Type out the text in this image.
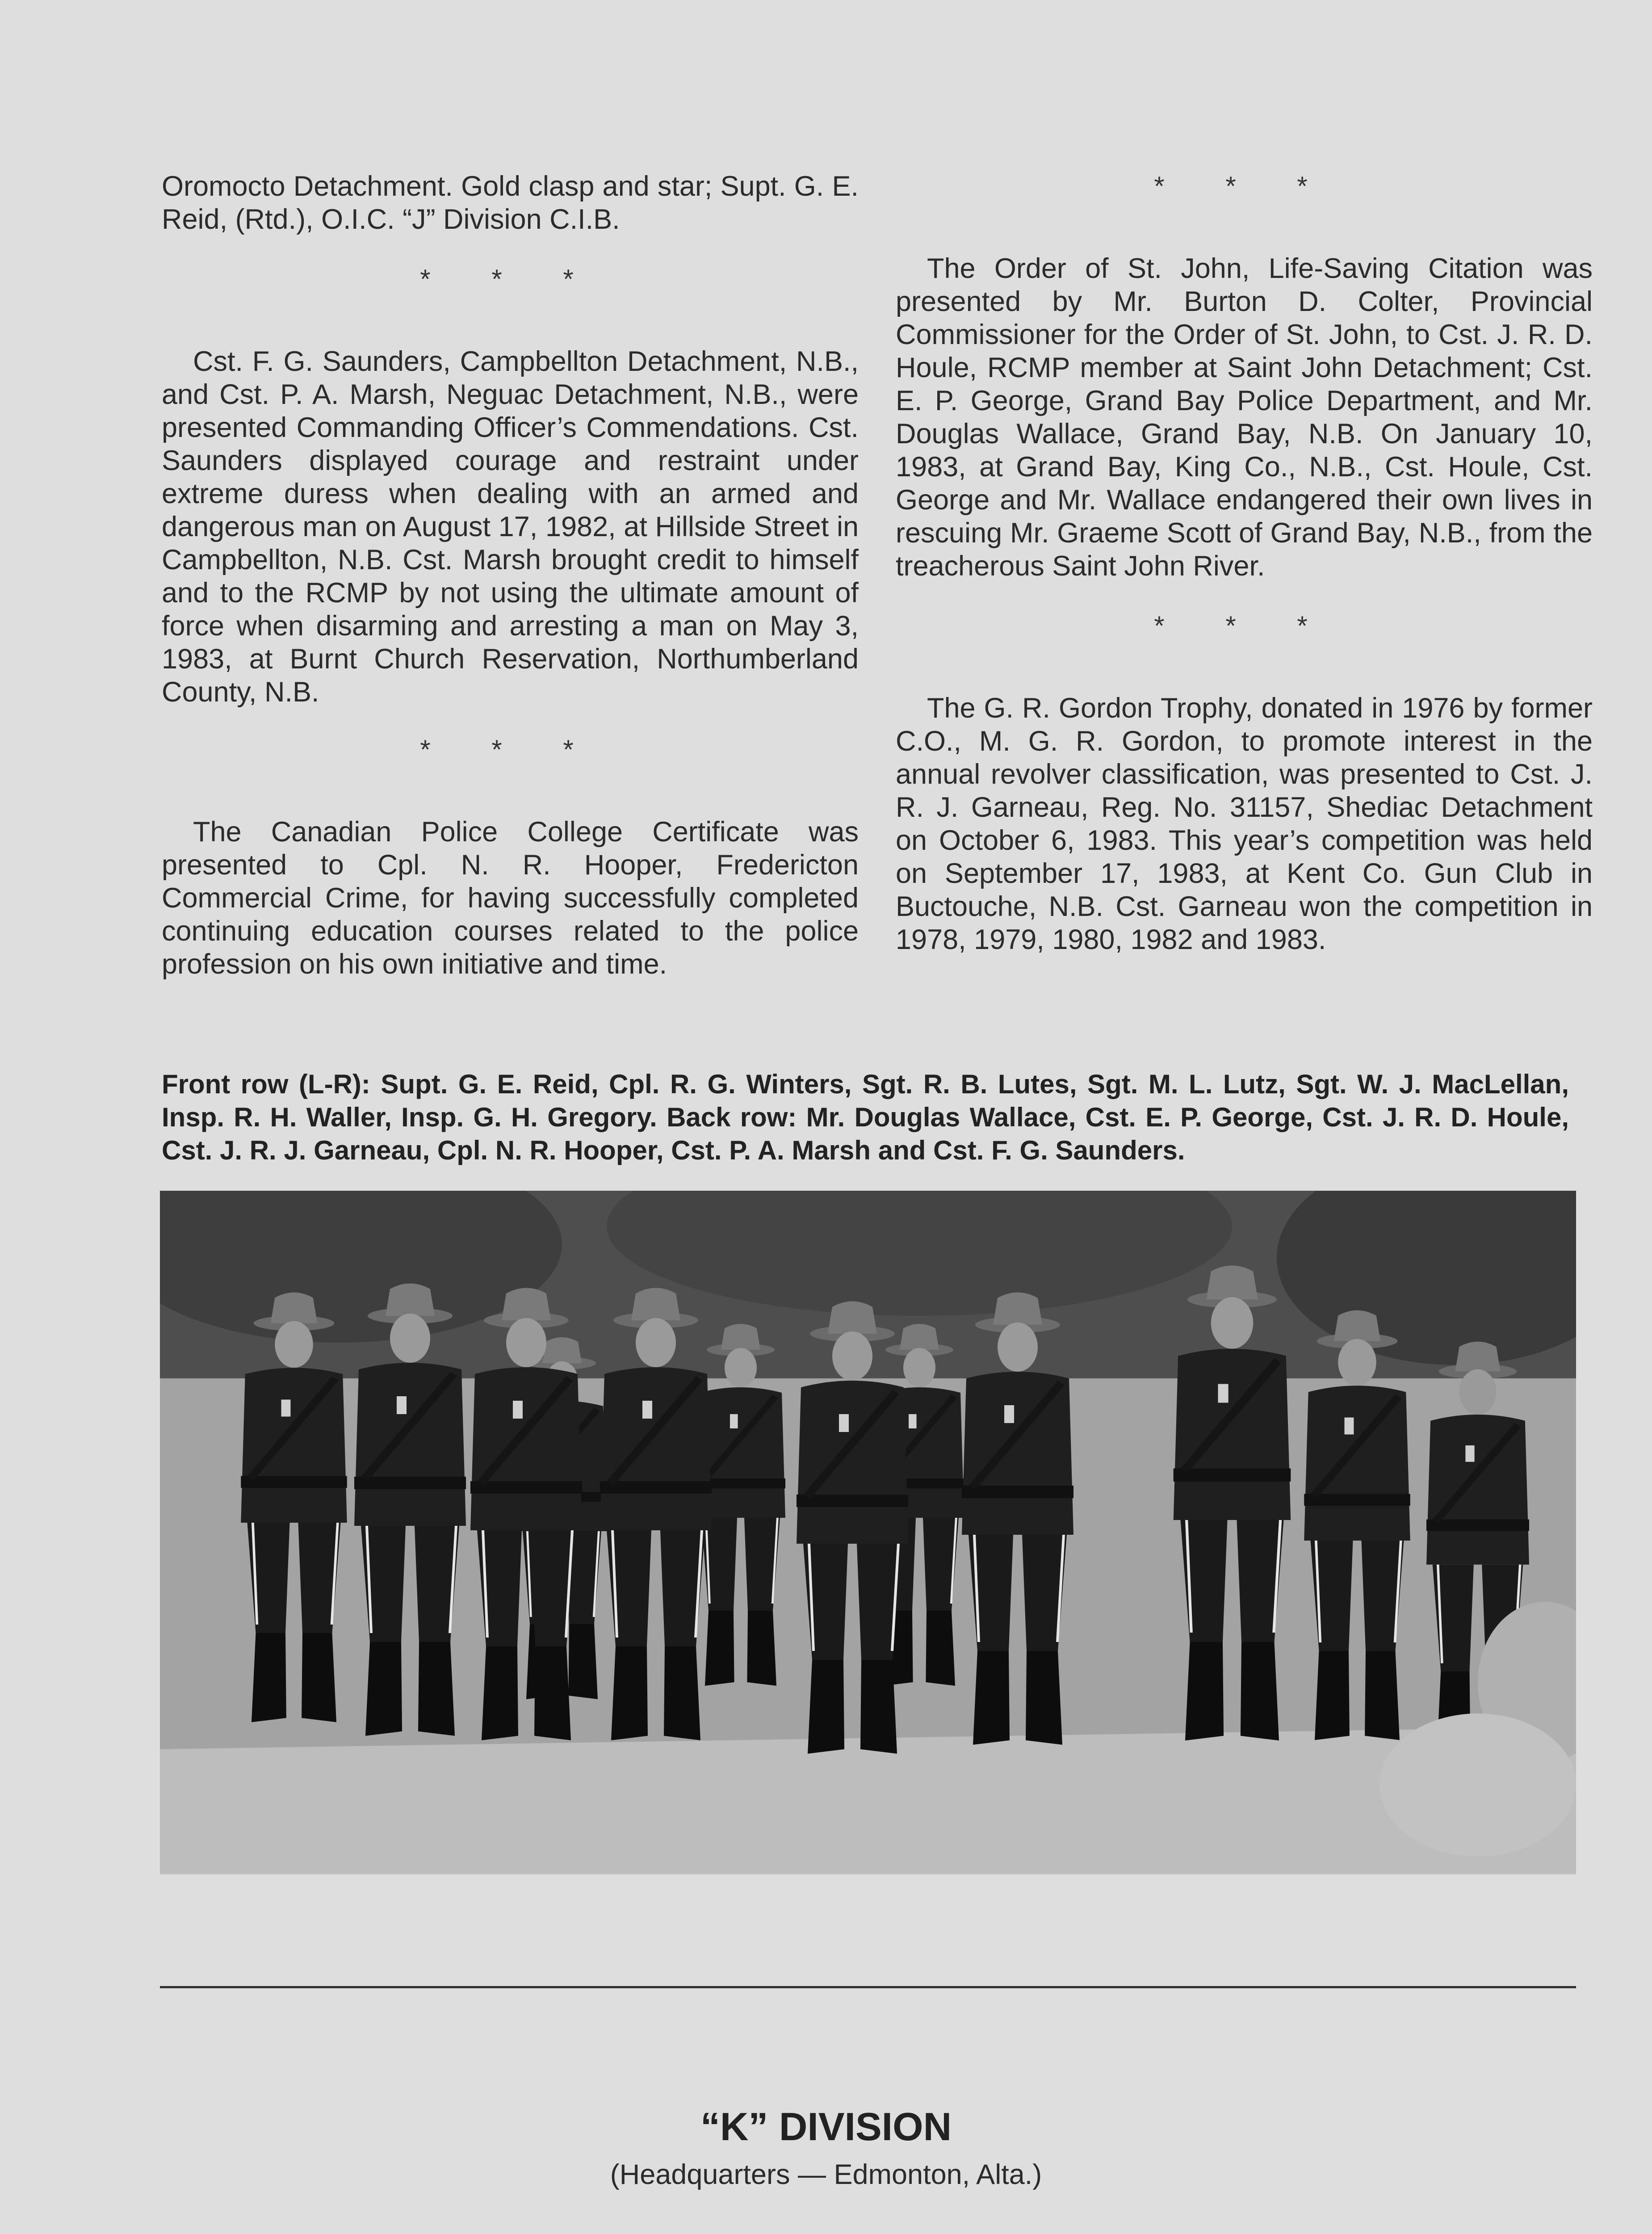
Oromocto Detachment. Gold clasp and star; Supt. G. E. Reid, (Rtd.), O.I.C. “J” Division C.I.B.

* * *

Cst. F. G. Saunders, Campbellton Detachment, N.B., and Cst. P. A. Marsh, Neguac Detachment, N.B., were presented Commanding Officer’s Commendations. Cst. Saunders displayed courage and restraint under extreme duress when dealing with an armed and dangerous man on August 17, 1982, at Hillside Street in Campbellton, N.B. Cst. Marsh brought credit to himself and to the RCMP by not using the ultimate amount of force when disarming and arresting a man on May 3, 1983, at Burnt Church Reservation, Northumberland County, N.B.

* * *

The Canadian Police College Certificate was presented to Cpl. N. R. Hooper, Fredericton Commercial Crime, for having successfully completed continuing education courses related to the police profession on his own initiative and time.

* * *

The Order of St. John, Life-Saving Citation was presented by Mr. Burton D. Colter, Provincial Commissioner for the Order of St. John, to Cst. J. R. D. Houle, RCMP member at Saint John Detachment; Cst. E. P. George, Grand Bay Police Department, and Mr. Douglas Wallace, Grand Bay, N.B. On January 10, 1983, at Grand Bay, King Co., N.B., Cst. Houle, Cst. George and Mr. Wallace endangered their own lives in rescuing Mr. Graeme Scott of Grand Bay, N.B., from the treacherous Saint John River.

* * *

The G. R. Gordon Trophy, donated in 1976 by former C.O., M. G. R. Gordon, to promote interest in the annual revolver classification, was presented to Cst. J. R. J. Garneau, Reg. No. 31157, Shediac Detachment on October 6, 1983. This year’s competition was held on September 17, 1983, at Kent Co. Gun Club in Buctouche, N.B. Cst. Garneau won the competition in 1978, 1979, 1980, 1982 and 1983.

Front row (L-R): Supt. G. E. Reid, Cpl. R. G. Winters, Sgt. R. B. Lutes, Sgt. M. L. Lutz, Sgt. W. J. MacLellan, Insp. R. H. Waller, Insp. G. H. Gregory. Back row: Mr. Douglas Wallace, Cst. E. P. George, Cst. J. R. D. Houle, Cst. J. R. J. Garneau, Cpl. N. R. Hooper, Cst. P. A. Marsh and Cst. F. G. Saunders.
“K” DIVISION
(Headquarters — Edmonton, Alta.)
